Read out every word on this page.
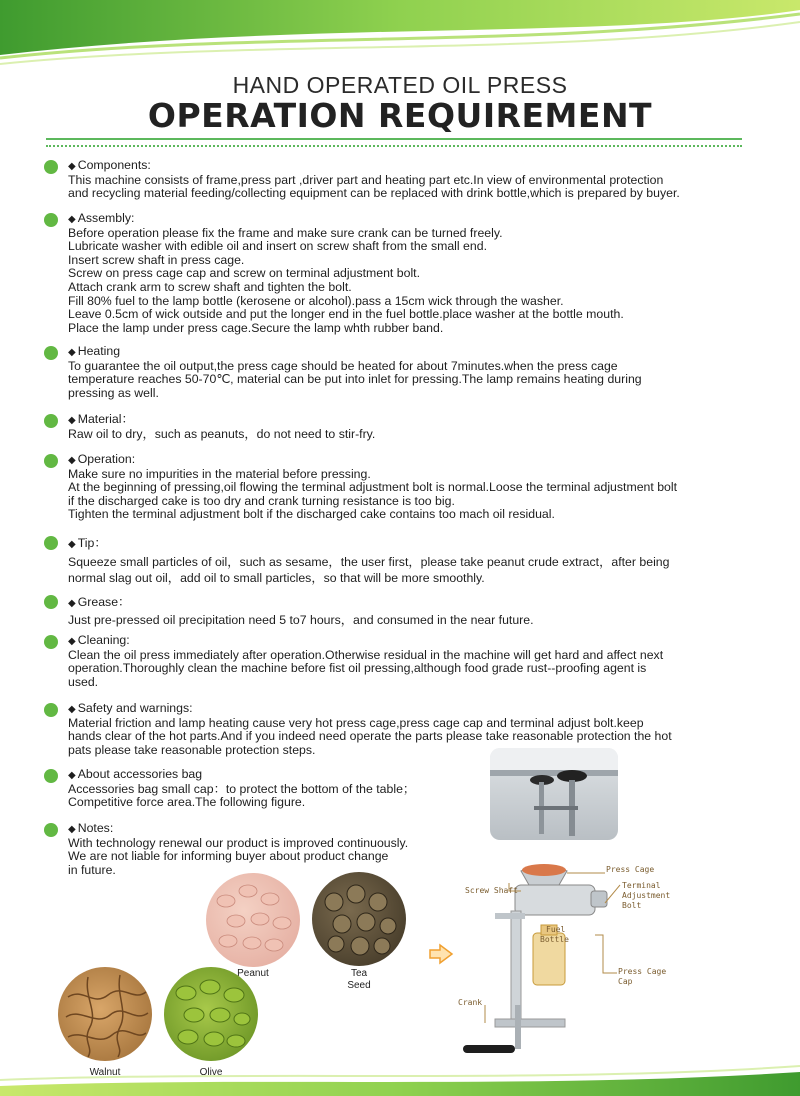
HAND OPERATED OIL PRESS
OPERATION REQUIREMENT
◆ Components:
This machine consists of frame,press part ,driver part and heating part etc.In view of environmental protection
and recycling material feeding/collecting equipment can be replaced with drink bottle,which is prepared by buyer.
◆ Assembly:
Before operation please fix the frame and make sure crank can be turned freely.
Lubricate washer with edible oil and insert on screw shaft from the small end.
Insert screw shaft in press cage.
Screw on press cage cap and screw on terminal adjustment bolt.
Attach crank arm to screw shaft and tighten the bolt.
Fill 80% fuel to the lamp bottle (kerosene or alcohol).pass a 15cm wick through the washer.
Leave 0.5cm of wick outside and put the longer end in the fuel bottle.place washer at the bottle mouth.
Place the lamp under press cage.Secure the lamp whth rubber band.
◆ Heating
To guarantee the oil output,the press cage should be heated for about 7minutes.when the press cage
temperature reaches 50-70℃, material can be put into inlet for pressing.The lamp remains heating during
pressing as well.
◆ Material：
Raw oil to dry，such as peanuts，do not need to stir-fry.
◆ Operation:
Make sure no impurities in the material before pressing.
At the beginning of pressing,oil flowing the terminal adjustment bolt is normal.Loose the terminal adjustment bolt
if the discharged cake is too dry and crank turning resistance is too big.
Tighten the terminal adjustment bolt if the discharged cake contains too mach oil residual.
◆ Tip：
Squeeze small particles of oil，such as sesame，the user first，please take peanut crude extract，after being
normal slag out oil，add oil to small particles，so that will be more smoothly.
◆ Grease：
Just pre-pressed oil precipitation need 5 to7 hours，and consumed in the near future.
◆ Cleaning:
Clean the oil press immediately after operation.Otherwise residual in the machine will get hard and affect next
operation.Thoroughly clean the machine before fist oil pressing,although food grade rust--proofing agent is
used.
◆ Safety and warnings:
Material friction and lamp heating cause very hot press cage,press cage cap and terminal adjust bolt.keep
hands clear of the hot parts.And if you indeed need operate the parts please take reasonable protection the hot
pats please take reasonable protection steps.
◆ About accessories bag
Accessories bag small cap：to protect the bottom of the table；
Competitive force area.The following figure.
◆ Notes:
With technology renewal our product is improved continuously.
We are not liable for informing buyer about product change
in future.
Peanut	Tea
Seed
Walnut	Olive
Press Cage
Terminal
Adjustment
Bolt
Screw Shaft
Fuel
Bottle
Press Cage
Cap
Crank
